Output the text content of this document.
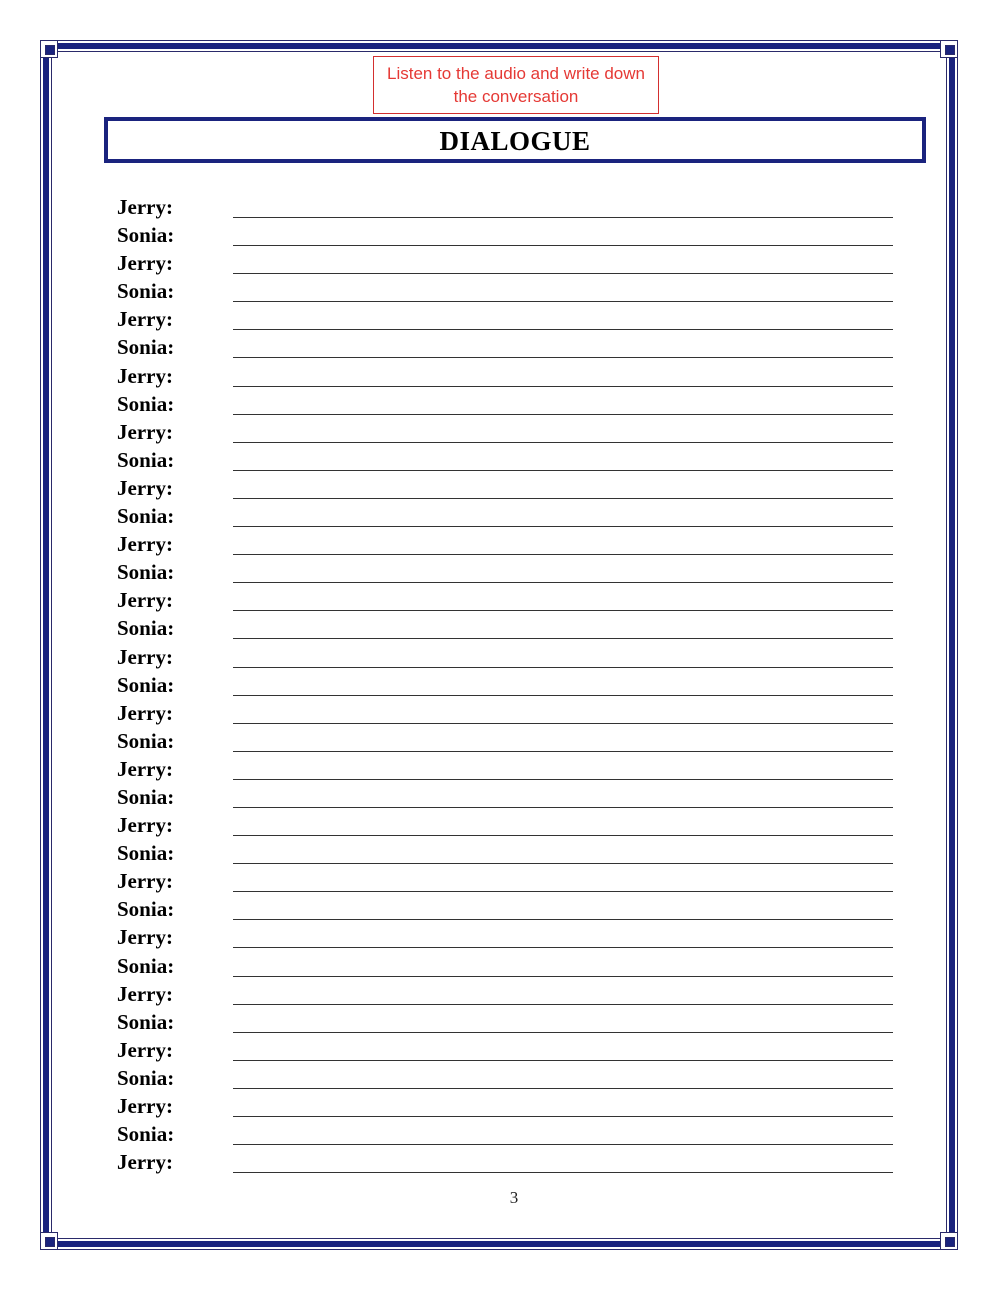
Listen to the audio and write down the conversation
DIALOGUE
Jerry:
Sonia:
Jerry:
Sonia:
Jerry:
Sonia:
Jerry:
Sonia:
Jerry:
Sonia:
Jerry:
Sonia:
Jerry:
Sonia:
Jerry:
Sonia:
Jerry:
Sonia:
Jerry:
Sonia:
Jerry:
Sonia:
Jerry:
Sonia:
Jerry:
Sonia:
Jerry:
Sonia:
Jerry:
Sonia:
Jerry:
Sonia:
Jerry:
Sonia:
Jerry:
3
